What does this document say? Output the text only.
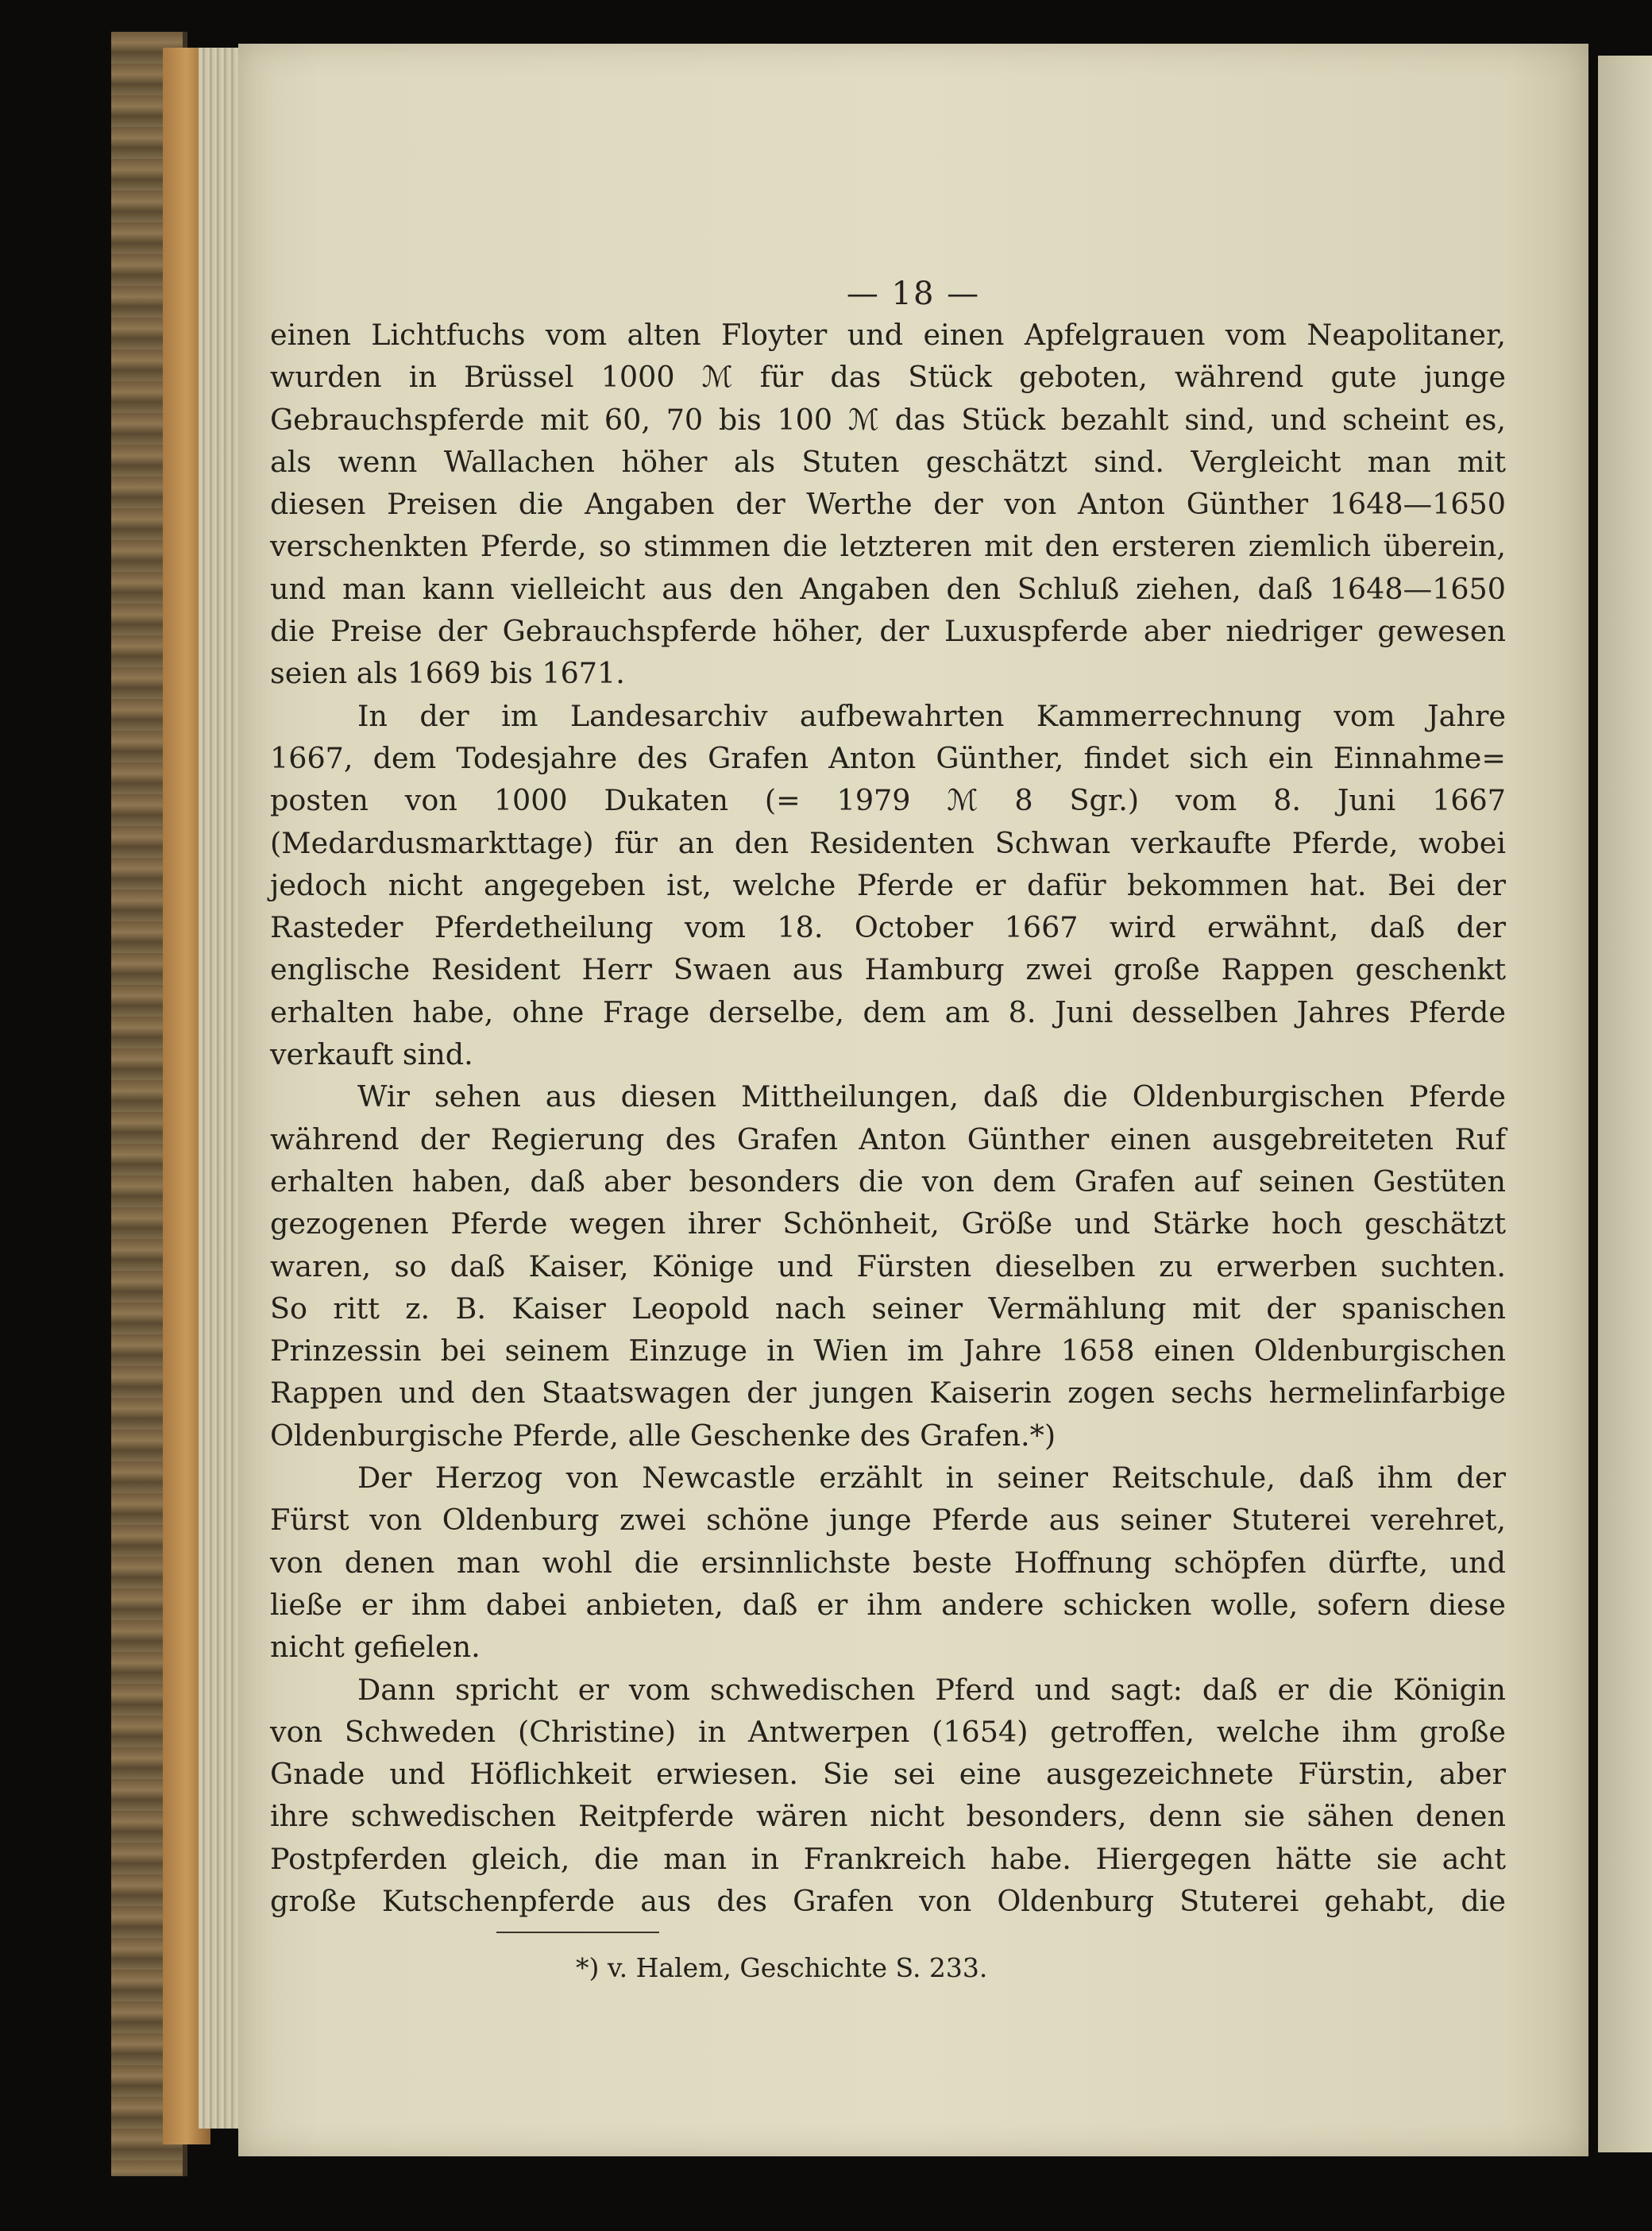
— 18 —
einen Lichtfuchs vom alten Floyter und einen Apfelgrauen vom Neapolitaner,
wurden in Brüssel 1000 ℳ für das Stück geboten, während gute junge
Gebrauchspferde mit 60, 70 bis 100 ℳ das Stück bezahlt sind, und scheint es,
als wenn Wallachen höher als Stuten geschätzt sind. Vergleicht man mit
diesen Preisen die Angaben der Werthe der von Anton Günther 1648—1650
verschenkten Pferde, so stimmen die letzteren mit den ersteren ziemlich überein,
und man kann vielleicht aus den Angaben den Schluß ziehen, daß 1648—1650
die Preise der Gebrauchspferde höher, der Luxuspferde aber niedriger gewesen
seien als 1669 bis 1671.
In der im Landesarchiv aufbewahrten Kammerrechnung vom Jahre
1667, dem Todesjahre des Grafen Anton Günther, findet sich ein Einnahme=
posten von 1000 Dukaten (= 1979 ℳ 8 Sgr.) vom 8. Juni 1667
(Medardusmarkttage) für an den Residenten Schwan verkaufte Pferde, wobei
jedoch nicht angegeben ist, welche Pferde er dafür bekommen hat. Bei der
Rasteder Pferdetheilung vom 18. October 1667 wird erwähnt, daß der
englische Resident Herr Swaen aus Hamburg zwei große Rappen geschenkt
erhalten habe, ohne Frage derselbe, dem am 8. Juni desselben Jahres Pferde
verkauft sind.
Wir sehen aus diesen Mittheilungen, daß die Oldenburgischen Pferde
während der Regierung des Grafen Anton Günther einen ausgebreiteten Ruf
erhalten haben, daß aber besonders die von dem Grafen auf seinen Gestüten
gezogenen Pferde wegen ihrer Schönheit, Größe und Stärke hoch geschätzt
waren, so daß Kaiser, Könige und Fürsten dieselben zu erwerben suchten.
So ritt z. B. Kaiser Leopold nach seiner Vermählung mit der spanischen
Prinzessin bei seinem Einzuge in Wien im Jahre 1658 einen Oldenburgischen
Rappen und den Staatswagen der jungen Kaiserin zogen sechs hermelinfarbige
Oldenburgische Pferde, alle Geschenke des Grafen.*)
Der Herzog von Newcastle erzählt in seiner Reitschule, daß ihm der
Fürst von Oldenburg zwei schöne junge Pferde aus seiner Stuterei verehret,
von denen man wohl die ersinnlichste beste Hoffnung schöpfen dürfte, und
ließe er ihm dabei anbieten, daß er ihm andere schicken wolle, sofern diese
nicht gefielen.
Dann spricht er vom schwedischen Pferd und sagt: daß er die Königin
von Schweden (Christine) in Antwerpen (1654) getroffen, welche ihm große
Gnade und Höflichkeit erwiesen. Sie sei eine ausgezeichnete Fürstin, aber
ihre schwedischen Reitpferde wären nicht besonders, denn sie sähen denen
Postpferden gleich, die man in Frankreich habe. Hiergegen hätte sie acht
große Kutschenpferde aus des Grafen von Oldenburg Stuterei gehabt, die
*) v. Halem, Geschichte S. 233.
